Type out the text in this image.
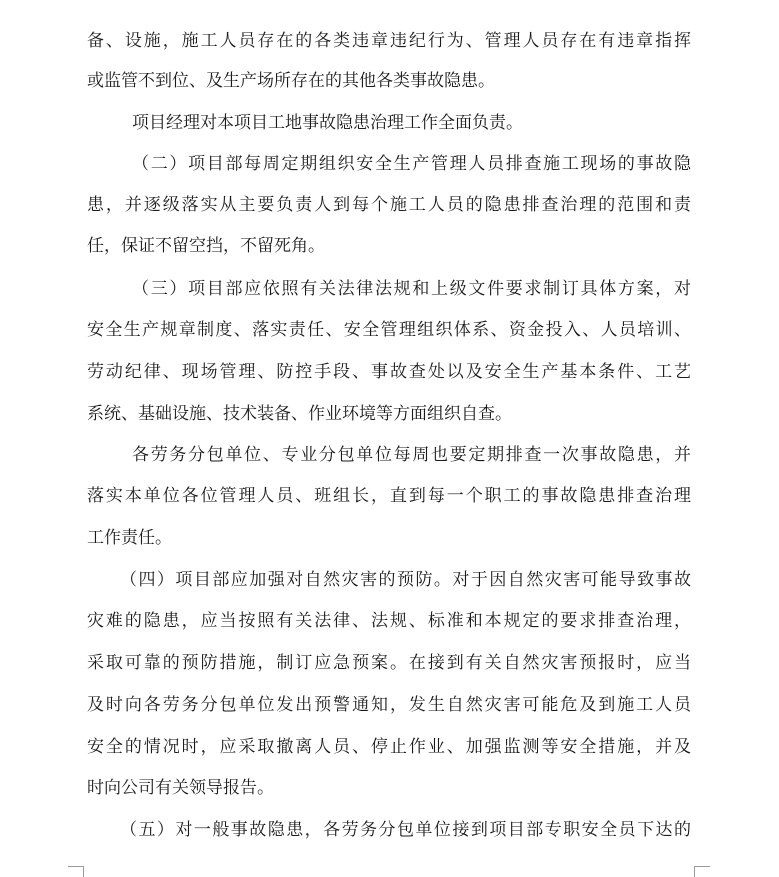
备、设施，施工人员存在的各类违章违纪行为、管理人员存在有违章指挥
或监管不到位、及生产场所存在的其他各类事故隐患。
项目经理对本项目工地事故隐患治理工作全面负责。
（二）项目部每周定期组织安全生产管理人员排查施工现场的事故隐
患，并逐级落实从主要负责人到每个施工人员的隐患排查治理的范围和责
任，保证不留空挡，不留死角。
（三）项目部应依照有关法律法规和上级文件要求制订具体方案，对
安全生产规章制度、落实责任、安全管理组织体系、资金投入、人员培训、
劳动纪律、现场管理、防控手段、事故查处以及安全生产基本条件、工艺
系统、基础设施、技术装备、作业环境等方面组织自查。
各劳务分包单位、专业分包单位每周也要定期排查一次事故隐患，并
落实本单位各位管理人员、班组长，直到每一个职工的事故隐患排查治理
工作责任。
（四）项目部应加强对自然灾害的预防。对于因自然灾害可能导致事故
灾难的隐患，应当按照有关法律、法规、标准和本规定的要求排查治理，
采取可靠的预防措施，制订应急预案。在接到有关自然灾害预报时，应当
及时向各劳务分包单位发出预警通知，发生自然灾害可能危及到施工人员
安全的情况时，应采取撤离人员、停止作业、加强监测等安全措施，并及
时向公司有关领导报告。
（五）对一般事故隐患，各劳务分包单位接到项目部专职安全员下达的
